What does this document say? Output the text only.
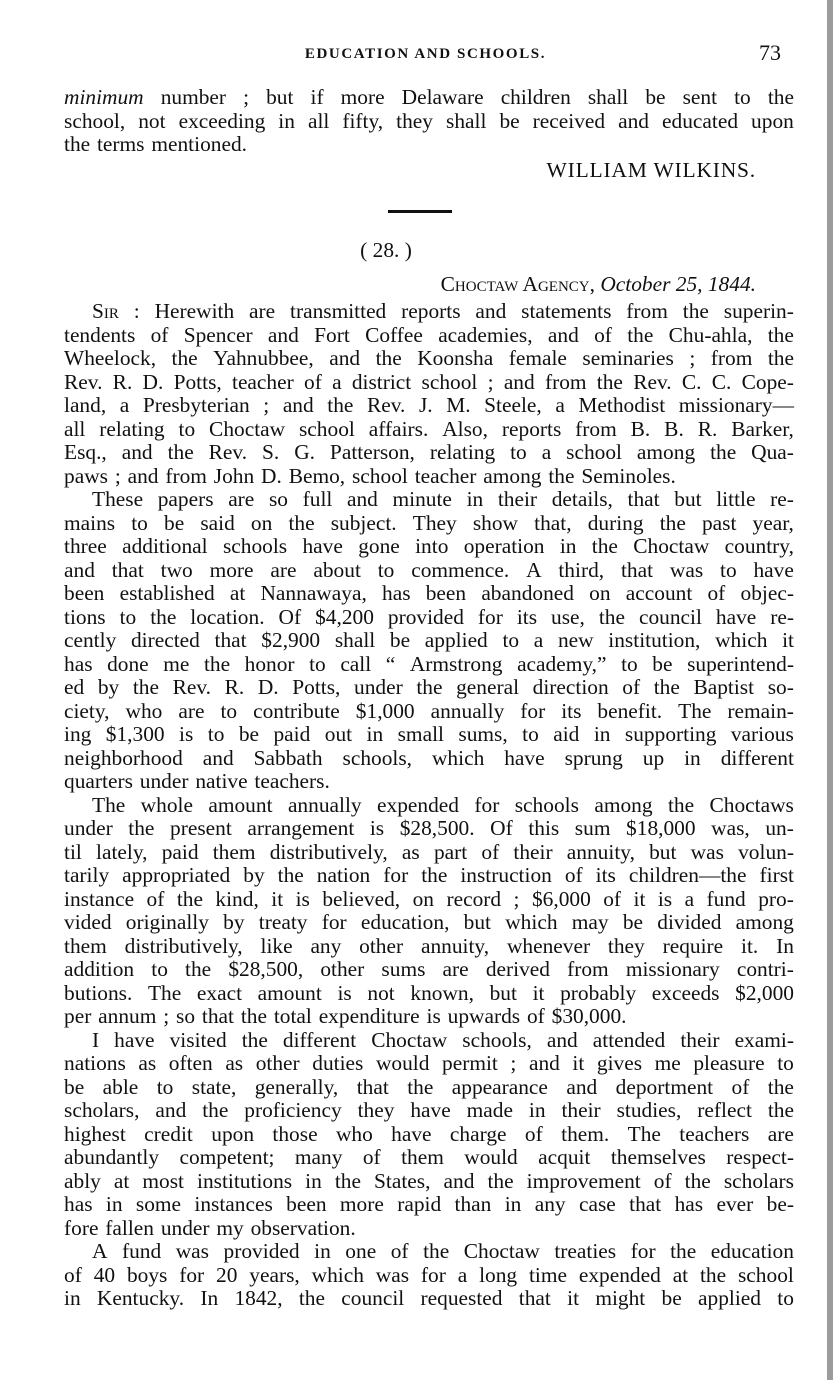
EDUCATION AND SCHOOLS.	73
minimum number ; but if more Delaware children shall be sent to the
school, not exceeding in all fifty, they shall be received and educated upon
the terms mentioned.
WILLIAM WILKINS.
( 28. )
Choctaw Agency, October 25, 1844.
Sir : Herewith are transmitted reports and statements from the superin-
tendents of Spencer and Fort Coffee academies, and of the Chu-ahla, the
Wheelock, the Yahnubbee, and the Koonsha female seminaries ; from the
Rev. R. D. Potts, teacher of a district school ; and from the Rev. C. C. Cope-
land, a Presbyterian ; and the Rev. J. M. Steele, a Methodist missionary—
all relating to Choctaw school affairs. Also, reports from B. B. R. Barker,
Esq., and the Rev. S. G. Patterson, relating to a school among the Qua-
paws ; and from John D. Bemo, school teacher among the Seminoles.
These papers are so full and minute in their details, that but little re-
mains to be said on the subject. They show that, during the past year,
three additional schools have gone into operation in the Choctaw country,
and that two more are about to commence. A third, that was to have
been established at Nannawaya, has been abandoned on account of objec-
tions to the location. Of $4,200 provided for its use, the council have re-
cently directed that $2,900 shall be applied to a new institution, which it
has done me the honor to call “ Armstrong academy,” to be superintend-
ed by the Rev. R. D. Potts, under the general direction of the Baptist so-
ciety, who are to contribute $1,000 annually for its benefit. The remain-
ing $1,300 is to be paid out in small sums, to aid in supporting various
neighborhood and Sabbath schools, which have sprung up in different
quarters under native teachers.
The whole amount annually expended for schools among the Choctaws
under the present arrangement is $28,500. Of this sum $18,000 was, un-
til lately, paid them distributively, as part of their annuity, but was volun-
tarily appropriated by the nation for the instruction of its children—the first
instance of the kind, it is believed, on record ; $6,000 of it is a fund pro-
vided originally by treaty for education, but which may be divided among
them distributively, like any other annuity, whenever they require it. In
addition to the $28,500, other sums are derived from missionary contri-
butions. The exact amount is not known, but it probably exceeds $2,000
per annum ; so that the total expenditure is upwards of $30,000.
I have visited the different Choctaw schools, and attended their exami-
nations as often as other duties would permit ; and it gives me pleasure to
be able to state, generally, that the appearance and deportment of the
scholars, and the proficiency they have made in their studies, reflect the
highest credit upon those who have charge of them. The teachers are
abundantly competent; many of them would acquit themselves respect-
ably at most institutions in the States, and the improvement of the scholars
has in some instances been more rapid than in any case that has ever be-
fore fallen under my observation.
A fund was provided in one of the Choctaw treaties for the education
of 40 boys for 20 years, which was for a long time expended at the school
in Kentucky. In 1842, the council requested that it might be applied to
